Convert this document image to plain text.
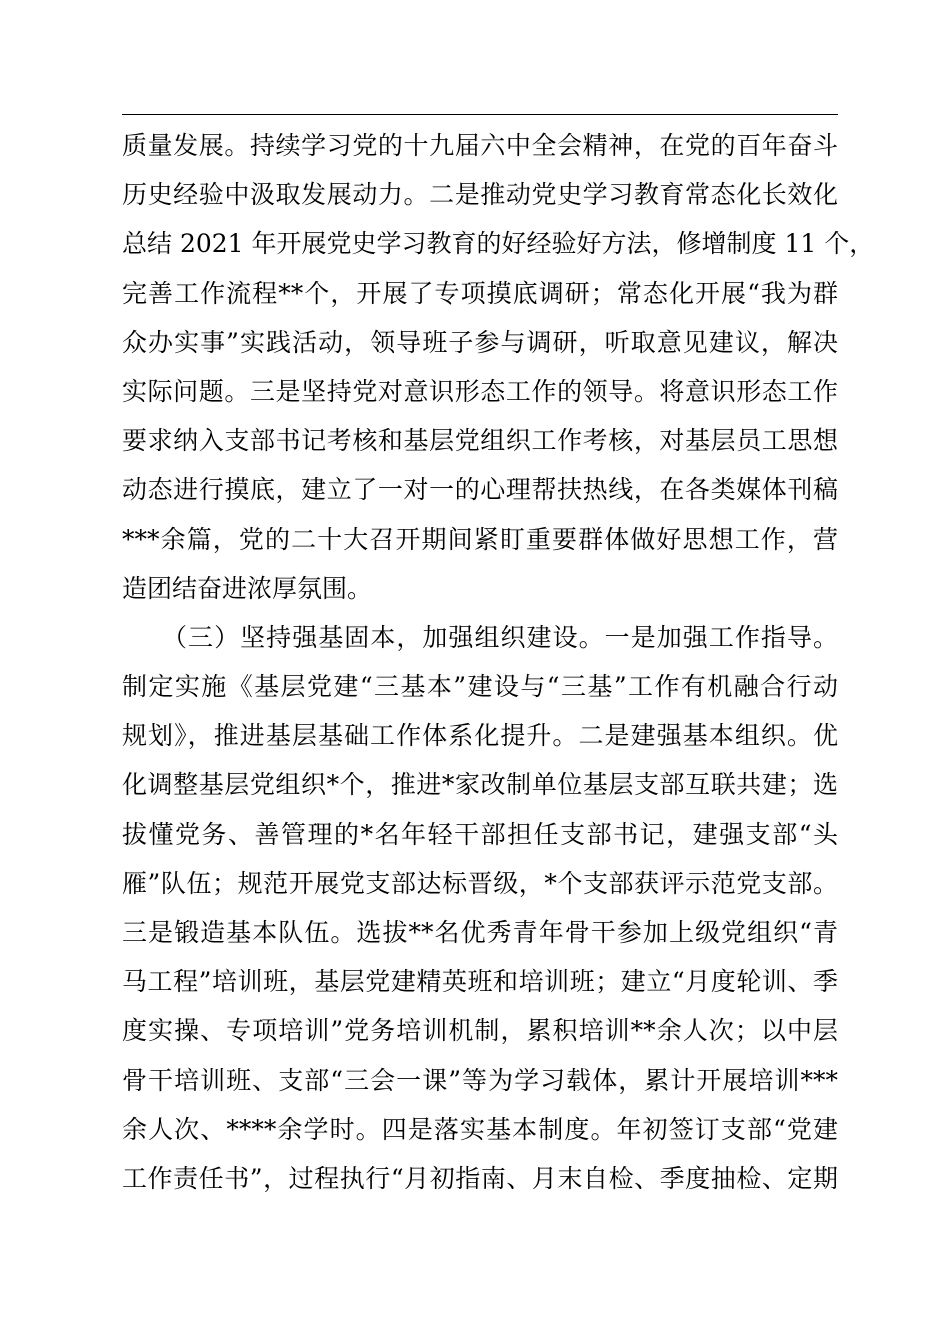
质量发展。持续学习党的十九届六中全会精神，在党的百年奋斗
历史经验中汲取发展动力。二是推动党史学习教育常态化长效化
总结 2021 年开展党史学习教育的好经验好方法，修增制度 11 个，
完善工作流程**个，开展了专项摸底调研；常态化开展“我为群
众办实事”实践活动，领导班子参与调研，听取意见建议，解决
实际问题。三是坚持党对意识形态工作的领导。将意识形态工作
要求纳入支部书记考核和基层党组织工作考核，对基层员工思想
动态进行摸底，建立了一对一的心理帮扶热线，在各类媒体刊稿
***余篇，党的二十大召开期间紧盯重要群体做好思想工作，营
造团结奋进浓厚氛围。
（三）坚持强基固本，加强组织建设。一是加强工作指导。
制定实施《基层党建“三基本”建设与“三基”工作有机融合行动
规划》，推进基层基础工作体系化提升。二是建强基本组织。优
化调整基层党组织*个，推进*家改制单位基层支部互联共建；选
拔懂党务、善管理的*名年轻干部担任支部书记，建强支部“头
雁”队伍；规范开展党支部达标晋级，*个支部获评示范党支部。
三是锻造基本队伍。选拔**名优秀青年骨干参加上级党组织“青
马工程”培训班，基层党建精英班和培训班；建立“月度轮训、季
度实操、专项培训”党务培训机制，累积培训**余人次；以中层
骨干培训班、支部“三会一课”等为学习载体，累计开展培训***
余人次、****余学时。四是落实基本制度。年初签订支部“党建
工作责任书”，过程执行“月初指南、月末自检、季度抽检、定期
